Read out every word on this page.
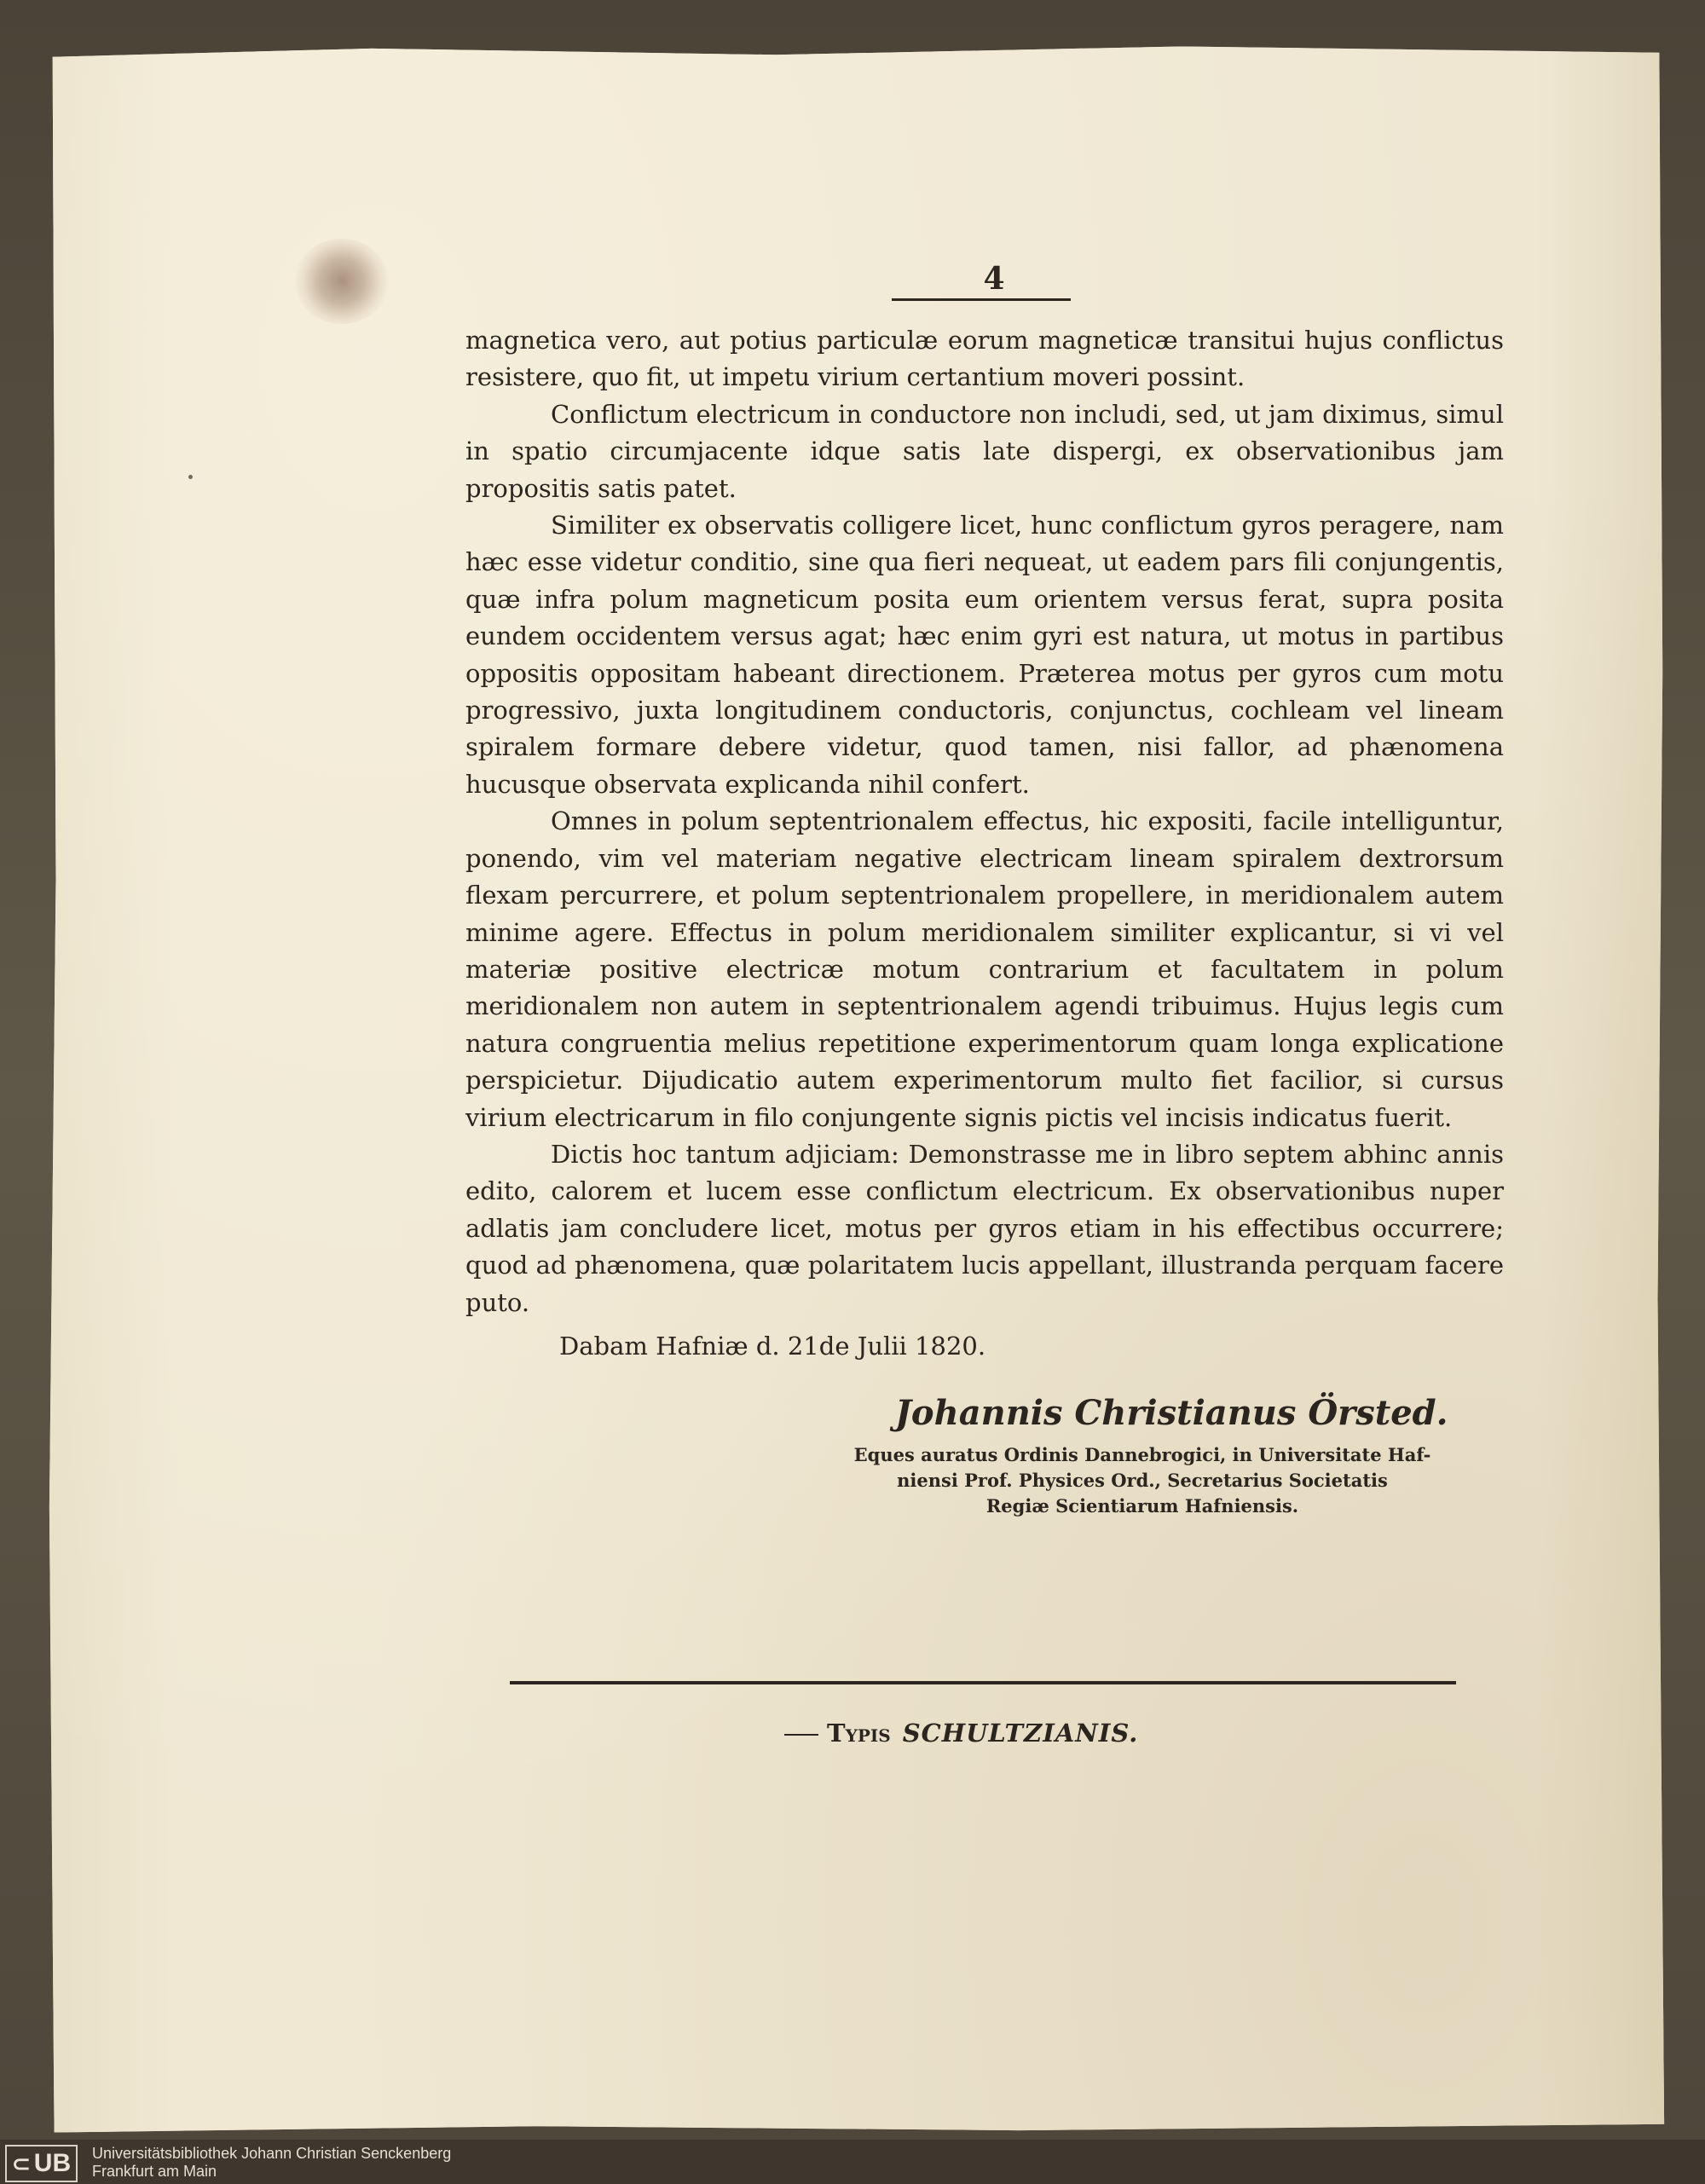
4

magnetica vero, aut potius particulæ eorum magneticæ transitui hujus conflictus resistere, quo fit, ut impetu virium certantium moveri possint.

Conflictum electricum in conductore non includi, sed, ut jam diximus, simul in spatio circumjacente idque satis late dispergi, ex observationibus jam propositis satis patet.

Similiter ex observatis colligere licet, hunc conflictum gyros peragere, nam hæc esse videtur conditio, sine qua fieri nequeat, ut eadem pars fili conjungentis, quæ infra polum magneticum posita eum orientem versus ferat, supra posita eundem occidentem versus agat; hæc enim gyri est natura, ut motus in partibus oppositis oppositam habeant directionem. Præterea motus per gyros cum motu progressivo, juxta longitudinem conductoris, conjunctus, cochleam vel lineam spiralem formare debere videtur, quod tamen, nisi fallor, ad phænomena hucusque observata explicanda nihil confert.

Omnes in polum septentrionalem effectus, hic expositi, facile intelliguntur, ponendo, vim vel materiam negative electricam lineam spiralem dextrorsum flexam percurrere, et polum septentrionalem propellere, in meridionalem autem minime agere. Effectus in polum meridionalem similiter explicantur, si vi vel materiæ positive electricæ motum contrarium et facultatem in polum meridionalem non autem in septentrionalem agendi tribuimus. Hujus legis cum natura congruentia melius repetitione experimentorum quam longa explicatione perspicietur. Dijudicatio autem experimentorum multo fiet facilior, si cursus virium electricarum in filo conjungente signis pictis vel incisis indicatus fuerit.

Dictis hoc tantum adjiciam: Demonstrasse me in libro septem abhinc annis edito, calorem et lucem esse conflictum electricum. Ex observationibus nuper adlatis jam concludere licet, motus per gyros etiam in his effectibus occurrere; quod ad phænomena, quæ polaritatem lucis appellant, illustranda perquam facere puto.

Dabam Hafniæ d. 21de Julii 1820.
Johannis Christianus Örsted.
Eques auratus Ordinis Dannebrogici, in Universitate Haf-
niensi Prof. Physices Ord., Secretarius Societatis
Regiæ Scientiarum Hafniensis.
Typis SCHULTZIANIS.
⊂ UB Universitätsbibliothek Johann Christian Senckenberg
Frankfurt am Main
